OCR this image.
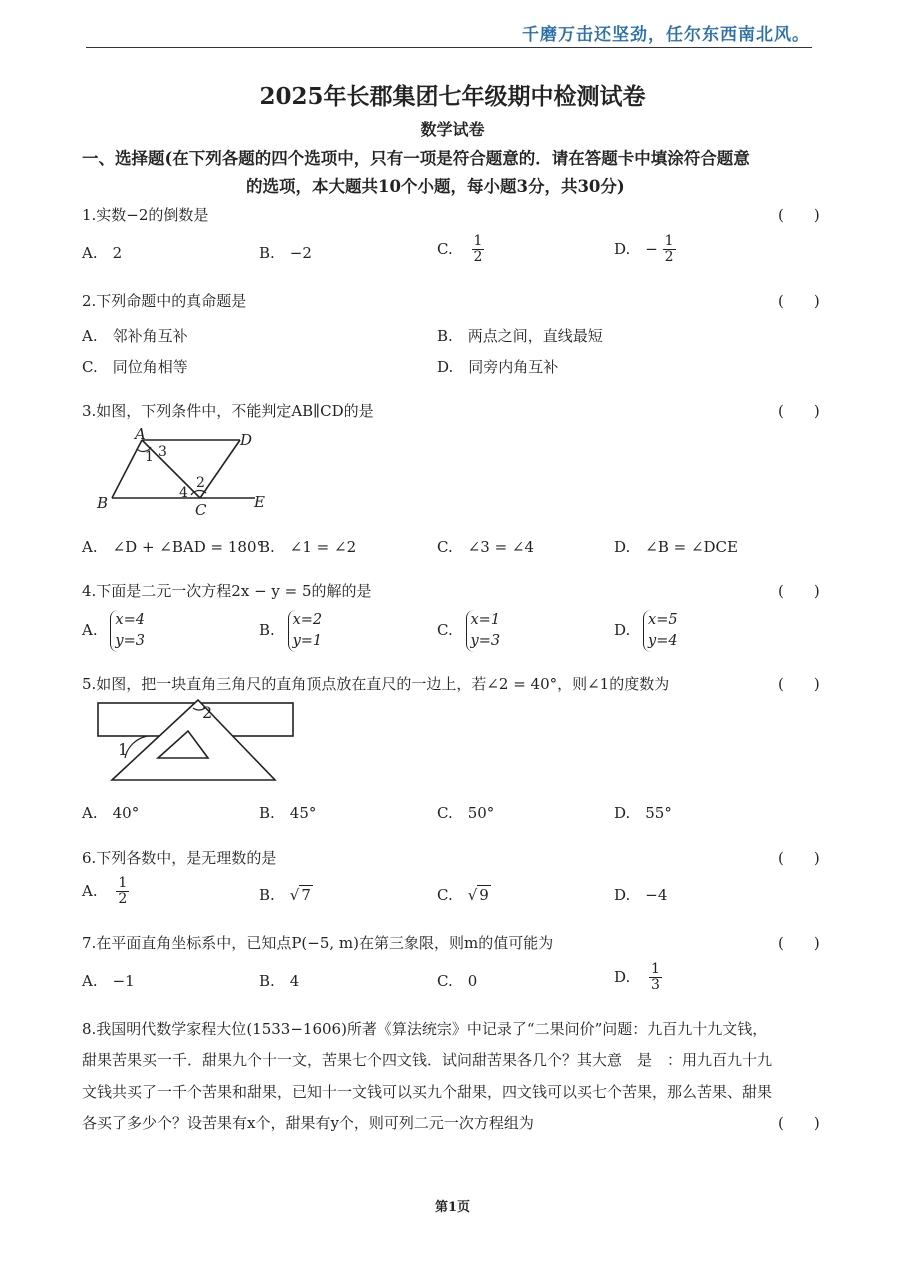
千磨万击还坚劲，任尔东西南北风。
2025年长郡集团七年级期中检测试卷
数学试卷
一、选择题(在下列各题的四个选项中，只有一项是符合题意的．请在答题卡中填涂符合题意
的选项，本大题共10个小题，每小题3分，共30分)
1.实数−2的倒数是	(　　)
A.　2	B.　−2	C. $\frac{1}{2}$	D.　− $\frac{1}{2}$
2.下列命题中的真命题是	(　　)
A.　邻补角互补	B.　两点之间，直线最短
C.　同位角相等	D.　同旁内角互补
3.如图，下列条件中，不能判定AB∥CD的是	(　　)
A	D
B	C	E
1
2
3
4
A.　∠D + ∠BAD = 180°
B.　∠1 = ∠2	C.　∠3 = ∠4	D.　∠B = ∠DCE
4.下面是二元一次方程2x − y = 5的解的是	(　　)
A. x=4
y=3
B. x=2
y=1
C. x=1
y=3
D. x=5
y=4
5.如图，把一块直角三角尺的直角顶点放在直尺的一边上，若∠2 = 40°，则∠1的度数为	(　　)
2
1
A.　40°	B.　45°	C.　50°	D.　55°
6.下列各数中，是无理数的是	(　　)
A. $\frac{1}{2}$	B.　√ 7	C.　√ 9	D.　−4
7.在平面直角坐标系中，已知点P(−5, m)在第三象限，则m的值可能为	(　　)
A.　−1	B.　4	C.　0	D. $\frac{1}{3}$
8.我国明代数学家程大位(1533−1606)所著《算法统宗》中记录了“二果问价”问题：九百九十九文钱，
甜果苦果买一千．甜果九个十一文，苦果七个四文钱．试问甜苦果各几个？其大意　是　：用九百九十九
文钱共买了一千个苦果和甜果，已知十一文钱可以买九个甜果，四文钱可以买七个苦果，那么苦果、甜果
各买了多少个？设苦果有x个，甜果有y个，则可列二元一次方程组为	(　　)
第1页
